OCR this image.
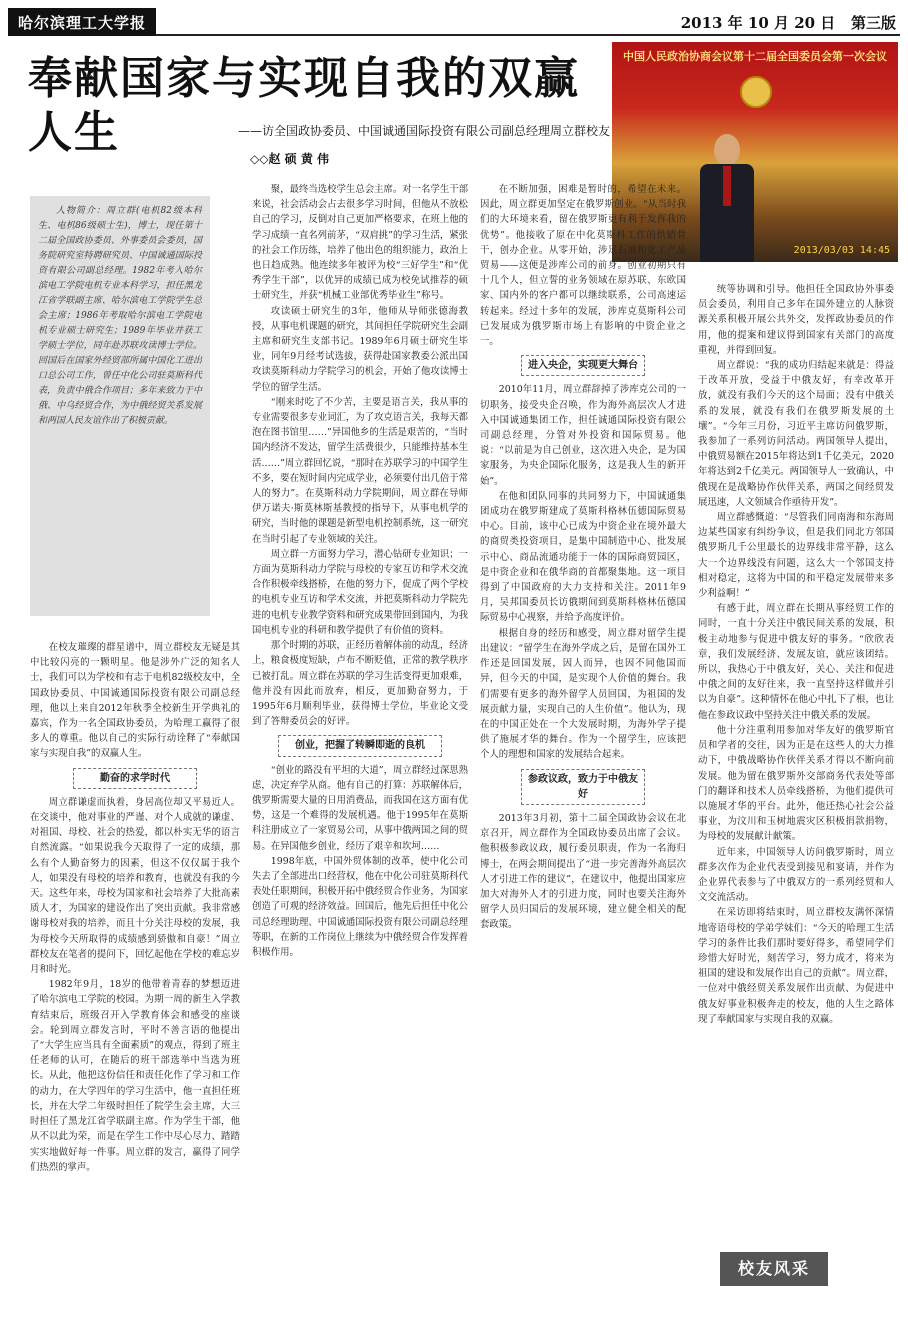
哈尔滨理工大学报	2013 年 10 月 20 日 第三版
奉献国家与实现自我的双赢人生	——访全国政协委员、中国诚通国际投资有限公司副总经理周立群校友
◇◇赵 硕 黄 伟
中国人民政治协商会议第十二届全国委员会第一次会议
2013/03/03 14:45

人物简介：周立群(电机82级本科生、电机86级硕士生)，博士，现任第十二届全国政协委员、外事委员会委员，国务院研究室特聘研究员、中国诚通国际投资有限公司副总经理。1982年考入哈尔滨电工学院电机专业本科学习，担任黑龙江省学联副主席、哈尔滨电工学院学生总会主席；1986年考取哈尔滨电工学院电机专业硕士研究生；1989年毕业并获工学硕士学位，同年赴苏联攻读博士学位。回国后在国家外经贸部所属中国化工进出口总公司工作，曾任中化公司驻莫斯科代表，负责中俄合作项目；多年来致力于中俄、中乌经贸合作，为中俄经贸关系发展和两国人民友谊作出了积极贡献。

在校友璀璨的群星谱中，周立群校友无疑是其中比较闪亮的一颗明星。他是涉外广泛的知名人士，我们可以为学校和有志于电机82级校友中，全国政协委员、中国诚通国际投资有限公司副总经理，他以上来自2012年秋季全校新生开学典礼的嘉宾，作为一名全国政协委员，为哈理工赢得了很多人的尊重。他以自己的实际行动诠释了“奉献国家与实现自我”的双赢人生。

勤奋的求学时代

周立群谦虚而执着，身居高位却又平易近人。在交谈中，他对事业的严谨、对个人成就的谦虚、对祖国、母校、社会的热爱，都以朴实无华的语言自然流露。“如果说我今天取得了一定的成绩，那么有个人勤奋努力的因素，但这不仅仅属于我个人，如果没有母校的培养和教育，也就没有我的今天。这些年来，母校为国家和社会培养了大批高素质人才，为国家的建设作出了突出贡献。我非常感谢母校对我的培养，而且十分关注母校的发展，我为母校今天所取得的成绩感到骄傲和自豪！”周立群校友在笔者的提问下，回忆起他在学校的难忘岁月和时光。

1982年9月，18岁的他带着青春的梦想迈进了哈尔滨电工学院的校园。为期一周的新生入学教育结束后，班级召开入学教育体会和感受的座谈会。轮到周立群发言时，平时不善言语的他提出了“大学生应当具有全面素质”的观点，得到了班主任老师的认可，在随后的班干部选举中当选为班长。从此，他把这份信任和责任化作了学习和工作的动力，在大学四年的学习生活中，他一直担任班长，并在大学二年级时担任了院学生会主席，大三时担任了黑龙江省学联副主席。作为学生干部，他从不以此为荣，而是在学生工作中尽心尽力、踏踏实实地做好每一件事。周立群的发言，赢得了同学们热烈的掌声。

聚，最终当选校学生总会主席。对一名学生干部来说，社会活动会占去很多学习时间，但他从不放松自己的学习，反倒对自己更加严格要求，在班上他的学习成绩一直名列前茅，“双肩挑”的学习生活，紧张的社会工作历练，培养了他出色的组织能力，政治上也日趋成熟。他连续多年被评为校“三好学生”和“优秀学生干部”，以优异的成绩已成为校免试推荐的硕士研究生，并获“机械工业部优秀毕业生”称号。

攻读硕士研究生的3年，他师从导师张德海教授，从事电机课题的研究，其间担任学院研究生会副主席和研究生支部书记。1989年6月硕士研究生毕业，同年9月经考试选拔，获得赴国家教委公派出国攻读莫斯科动力学院学习的机会，开始了他攻读博士学位的留学生活。

“刚来时吃了不少苦，主要是语言关，我从事的专业需要很多专业词汇，为了攻克语言关，我每天都泡在图书馆里……”异国他乡的生活是艰苦的，“当时国内经济不发达，留学生活费很少，只能维持基本生活……”周立群回忆说，“那时在苏联学习的中国学生不多，要在短时间内完成学业，必须要付出几倍于常人的努力”。在莫斯科动力学院期间，周立群在导师伊万诺夫·斯莫林斯基教授的指导下，从事电机学的研究，当时他的课题是新型电机控制系统，这一研究在当时引起了专业领域的关注。

周立群一方面努力学习，潜心钻研专业知识；一方面为莫斯科动力学院与母校的专家互访和学术交流合作积极牵线搭桥，在他的努力下，促成了两个学校的电机专业互访和学术交流，并把莫斯科动力学院先进的电机专业教学资料和研究成果带回到国内，为我国电机专业的科研和教学提供了有价值的资料。

那个时期的苏联，正经历着解体前的动乱，经济上，粮食极度短缺，卢布不断贬值，正常的教学秩序已被打乱。周立群在苏联的学习生活变得更加艰难，他并没有因此而放弃，相反，更加勤奋努力，于1995年6月顺利毕业，获得博士学位，毕业论文受到了答辩委员会的好评。

创业，把握了转瞬即逝的良机

“创业的路没有平坦的大道”，周立群经过深思熟虑，决定弃学从商。他有自己的打算：苏联解体后，俄罗斯需要大量的日用消费品，而我国在这方面有优势，这是一个难得的发展机遇。他于1995年在莫斯科注册成立了一家贸易公司，从事中俄两国之间的贸易。在异国他乡创业，经历了艰辛和坎坷……

1998年底，中国外贸体制的改革，使中化公司失去了全部进出口经营权，他在中化公司驻莫斯科代表处任职期间，积极开拓中俄经贸合作业务，为国家创造了可观的经济效益。回国后，他先后担任中化公司总经理助理、中国诚通国际投资有限公司副总经理等职，在新的工作岗位上继续为中俄经贸合作发挥着积极作用。

在不断加强，困难是暂时的，希望在未来。因此，周立群更加坚定在俄罗斯创业。“从当时我们的大环境来看，留在俄罗斯更有利于发挥我的优势”。他接收了原在中化莫斯科工作的供销骨干，创办企业。从零开始，涉足石油和化工产品贸易——这便是涉库公司的前身。创业初期只有十几个人，但立誓的业务领域在原苏联、东欧国家、国内外的客户都可以继续联系，公司高速运转起来。经过十多年的发展，涉库克莫斯科公司已发展成为俄罗斯市场上有影响的中资企业之一。

进入央企，实现更大舞台

2010年11月，周立群辞掉了涉库克公司的一切职务，接受央企召唤，作为海外高层次人才进入中国诚通集团工作，担任诚通国际投资有限公司副总经理，分管对外投资和国际贸易。他说：“以前是为自己创业，这次进入央企，是为国家服务，为央企国际化服务，这是我人生的新开始”。

在他和团队同事的共同努力下，中国诚通集团成功在俄罗斯建成了莫斯科格林伍德国际贸易中心。目前，该中心已成为中资企业在境外最大的商贸类投资项目，是集中国制造中心、批发展示中心、商品流通功能于一体的国际商贸园区，是中资企业和在俄华商的首都聚集地。这一项目得到了中国政府的大力支持和关注。2011年9月，吴邦国委员长访俄期间到莫斯科格林伍德国际贸易中心视察，并给予高度评价。

根据自身的经历和感受，周立群对留学生提出建议：“留学生在海外学成之后，是留在国外工作还是回国发展，因人而异，也因不同他国而异，但今天的中国，是实现个人价值的舞台。我们需要有更多的海外留学人员回国，为祖国的发展贡献力量，实现自己的人生价值”。他认为，现在的中国正处在一个大发展时期，为海外学子提供了施展才华的舞台。作为一个留学生，应该把个人的理想和国家的发展结合起来。

参政议政，致力于中俄友好

2013年3月初，第十二届全国政协会议在北京召开，周立群作为全国政协委员出席了会议。他积极参政议政，履行委员职责，作为一名海归博士，在两会期间提出了“进一步完善海外高层次人才引进工作的建议”，在建议中，他提出国家应加大对海外人才的引进力度，同时也要关注海外留学人员归国后的发展环境，建立健全相关的配套政策。

统等协调和引导。他担任全国政协外事委员会委员，利用自己多年在国外建立的人脉资源关系积极开展公共外交，发挥政协委员的作用，他的提案和建议得到国家有关部门的高度重视，并得到回复。

周立群说：“我的成功归结起来就是：得益于改革开放，受益于中俄友好，有幸改革开放，就没有我们今天的这个局面；没有中俄关系的发展，就没有我们在俄罗斯发展的土壤”。“今年三月份，习近平主席访问俄罗斯，我参加了一系列访问活动。两国领导人提出，中俄贸易额在2015年将达到1千亿美元，2020年将达到2千亿美元。两国领导人一致确认，中俄现在是战略协作伙伴关系，两国之间经贸发展迅速，人文领域合作亟待开发”。

周立群感慨道：“尽管我们同南海和东海周边某些国家有纠纷争议，但是我们同北方邻国俄罗斯几千公里最长的边界线非常平静，这么大一个边界线没有问题，这么大一个邻国支持相对稳定，这将为中国的和平稳定发展带来多少利益啊！”

有感于此，周立群在长期从事经贸工作的同时，一直十分关注中俄民间关系的发展，积极主动地参与促进中俄友好的事务。“欣欣表章，我们发展经济、发展友谊，就应该团结。所以，我热心于中俄友好，关心、关注和促进中俄之间的友好往来，我一直坚持这样做并引以为自豪”。这种情怀在他心中扎下了根，也让他在参政议政中坚持关注中俄关系的发展。

他十分注重利用参加对华友好的俄罗斯官员和学者的交往，因为正是在这些人的大力推动下，中俄战略协作伙伴关系才得以不断向前发展。他为留在俄罗斯外交部商务代表处等部门的翻译和技术人员牵线搭桥，为他们提供可以施展才华的平台。此外，他还热心社会公益事业，为汶川和玉树地震灾区积极捐款捐物，为母校的发展献计献策。

近年来，中国领导人访问俄罗斯时，周立群多次作为企业代表受到接见和宴请，并作为企业界代表参与了中俄双方的一系列经贸和人文交流活动。

在采访即将结束时，周立群校友满怀深情地寄语母校的学弟学妹们：“今天的哈理工生活学习的条件比我们那时要好得多，希望同学们珍惜大好时光，刻苦学习，努力成才，将来为祖国的建设和发展作出自己的贡献”。周立群，一位对中俄经贸关系发展作出贡献、为促进中俄友好事业积极奔走的校友，他的人生之路体现了奉献国家与实现自我的双赢。

校友风采
